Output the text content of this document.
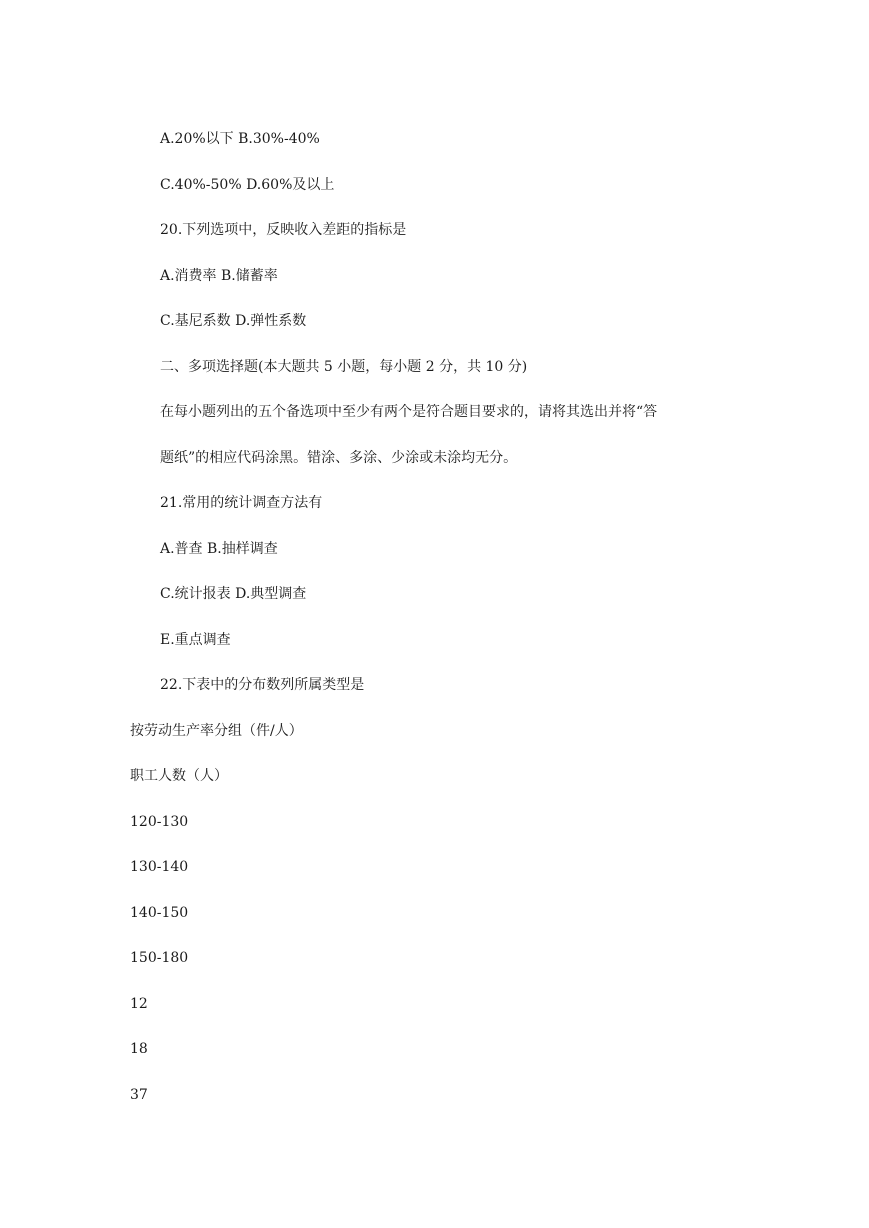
A.20%以下 B.30%-40%
C.40%-50% D.60%及以上
20.下列选项中，反映收入差距的指标是
A.消费率 B.储蓄率
C.基尼系数 D.弹性系数
二、多项选择题(本大题共 5 小题，每小题 2 分，共 10 分)
在每小题列出的五个备选项中至少有两个是符合题目要求的，请将其选出并将“答
题纸”的相应代码涂黑。错涂、多涂、少涂或未涂均无分。
21.常用的统计调查方法有
A.普查 B.抽样调查
C.统计报表 D.典型调查
E.重点调查
22.下表中的分布数列所属类型是
按劳动生产率分组（件/人）
职工人数（人）
120-130
130-140
140-150
150-180
12
18
37
